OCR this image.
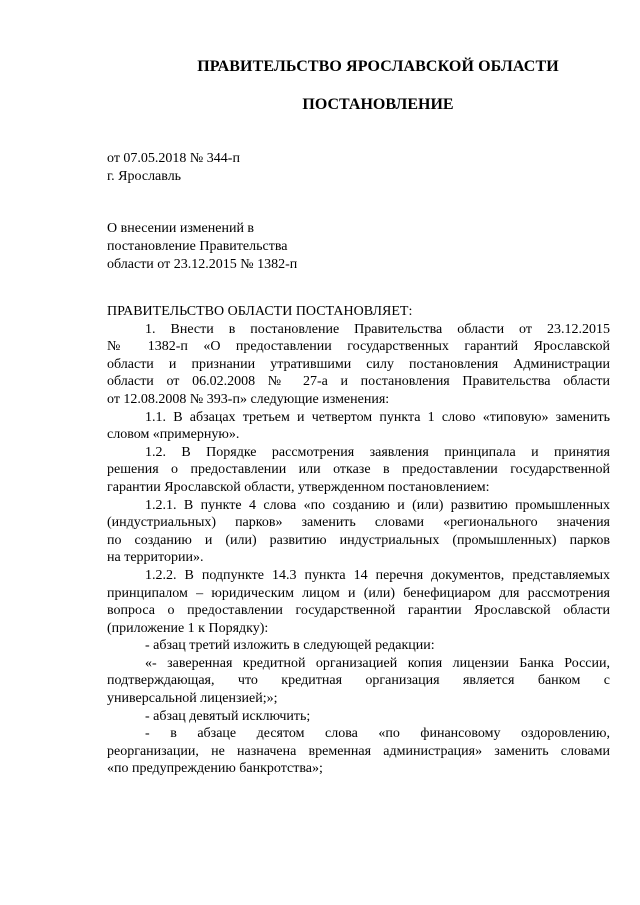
ПРАВИТЕЛЬСТВО ЯРОСЛАВСКОЙ ОБЛАСТИ
ПОСТАНОВЛЕНИЕ
от 07.05.2018 № 344-п
г. Ярославль
О внесении изменений в
постановление Правительства
области от 23.12.2015 № 1382-п
ПРАВИТЕЛЬСТВО ОБЛАСТИ ПОСТАНОВЛЯЕТ:
1. Внести в постановление Правительства области от 23.12.2015
№ 1382-п «О предоставлении государственных гарантий Ярославской
области и признании утратившими силу постановления Администрации
области от 06.02.2008 № 27-а и постановления Правительства области
от 12.08.2008 № 393-п» следующие изменения:
1.1. В абзацах третьем и четвертом пункта 1 слово «типовую» заменить
словом «примерную».
1.2. В Порядке рассмотрения заявления принципала и принятия
решения о предоставлении или отказе в предоставлении государственной
гарантии Ярославской области, утвержденном постановлением:
1.2.1. В пункте 4 слова «по созданию и (или) развитию промышленных
(индустриальных) парков» заменить словами «регионального значения
по созданию и (или) развитию индустриальных (промышленных) парков
на территории».
1.2.2. В подпункте 14.3 пункта 14 перечня документов, представляемых
принципалом – юридическим лицом и (или) бенефициаром для рассмотрения
вопроса о предоставлении государственной гарантии Ярославской области
(приложение 1 к Порядку):
- абзац третий изложить в следующей редакции:
«- заверенная кредитной организацией копия лицензии Банка России,
подтверждающая, что кредитная организация является банком с
универсальной лицензией;»;
- абзац девятый исключить;
- в абзаце десятом слова «по финансовому оздоровлению,
реорганизации, не назначена временная администрация» заменить словами
«по предупреждению банкротства»;
